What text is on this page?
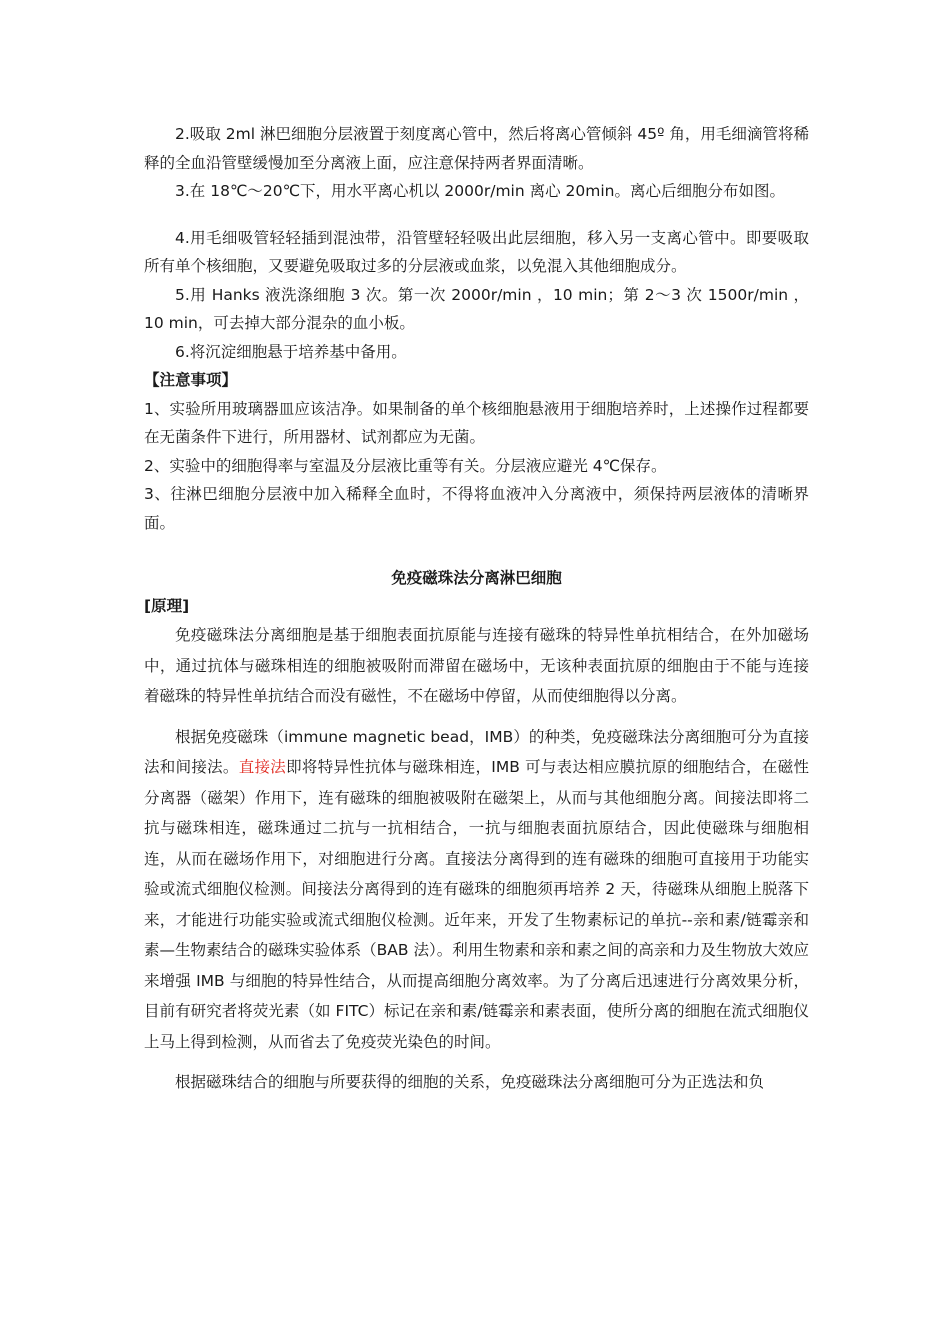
2.吸取 2ml 淋巴细胞分层液置于刻度离心管中，然后将离心管倾斜 45º 角，用毛细滴管将稀释的全血沿管壁缓慢加至分离液上面，应注意保持两者界面清晰。

3.在 18℃～20℃下，用水平离心机以 2000r/min 离心 20min。离心后细胞分布如图。

4.用毛细吸管轻轻插到混浊带，沿管壁轻轻吸出此层细胞，移入另一支离心管中。即要吸取所有单个核细胞，又要避免吸取过多的分层液或血浆，以免混入其他细胞成分。

5.用 Hanks 液洗涤细胞 3 次。第一次 2000r/min ，10 min；第 2～3 次 1500r/min ，10 min，可去掉大部分混杂的血小板。

6.将沉淀细胞悬于培养基中备用。

【注意事项】

1、实验所用玻璃器皿应该洁净。如果制备的单个核细胞悬液用于细胞培养时，上述操作过程都要在无菌条件下进行，所用器材、试剂都应为无菌。

2、实验中的细胞得率与室温及分层液比重等有关。分层液应避光 4℃保存。

3、往淋巴细胞分层液中加入稀释全血时，不得将血液冲入分离液中，须保持两层液体的清晰界面。

免疫磁珠法分离淋巴细胞

[原理]

免疫磁珠法分离细胞是基于细胞表面抗原能与连接有磁珠的特异性单抗相结合，在外加磁场中，通过抗体与磁珠相连的细胞被吸附而滞留在磁场中，无该种表面抗原的细胞由于不能与连接着磁珠的特异性单抗结合而没有磁性，不在磁场中停留，从而使细胞得以分离。

根据免疫磁珠（immune magnetic bead，IMB）的种类，免疫磁珠法分离细胞可分为直接法和间接法。直接法即将特异性抗体与磁珠相连，IMB 可与表达相应膜抗原的细胞结合，在磁性分离器（磁架）作用下，连有磁珠的细胞被吸附在磁架上，从而与其他细胞分离。间接法即将二抗与磁珠相连，磁珠通过二抗与一抗相结合，一抗与细胞表面抗原结合，因此使磁珠与细胞相连，从而在磁场作用下，对细胞进行分离。直接法分离得到的连有磁珠的细胞可直接用于功能实验或流式细胞仪检测。间接法分离得到的连有磁珠的细胞须再培养 2 天，待磁珠从细胞上脱落下来，才能进行功能实验或流式细胞仪检测。近年来，开发了生物素标记的单抗--亲和素/链霉亲和素—生物素结合的磁珠实验体系（BAB 法）。利用生物素和亲和素之间的高亲和力及生物放大效应来增强 IMB 与细胞的特异性结合，从而提高细胞分离效率。为了分离后迅速进行分离效果分析，目前有研究者将荧光素（如 FITC）标记在亲和素/链霉亲和素表面，使所分离的细胞在流式细胞仪上马上得到检测，从而省去了免疫荧光染色的时间。

根据磁珠结合的细胞与所要获得的细胞的关系，免疫磁珠法分离细胞可分为正选法和负
